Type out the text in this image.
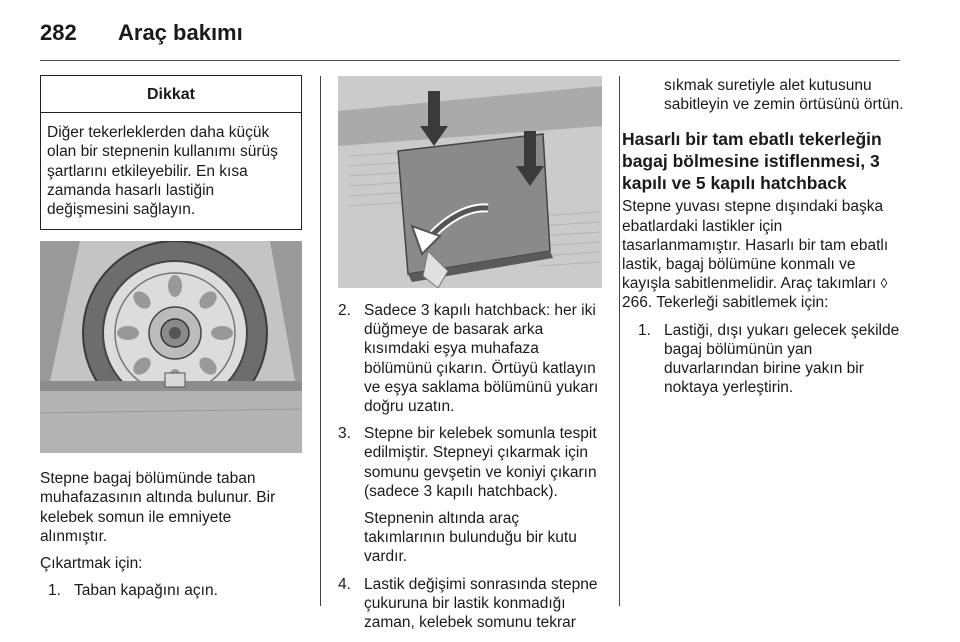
282 Araç bakımı
Dikkat
Diğer tekerleklerden daha küçük olan bir stepnenin kullanımı sürüş şartlarını etkileyebilir. En kısa zamanda hasarlı lastiğin değişmesini sağlayın.

Stepne bagaj bölümünde taban muhafazasının altında bulunur. Bir kelebek somun ile emniyete alınmıştır.

Çıkartmak için:

1. Taban kapağını açın.
2. Sadece 3 kapılı hatchback: her iki düğmeye de basarak arka kısımdaki eşya muhafaza bölümünü çıkarın. Örtüyü katlayın ve eşya saklama bölümünü yukarı doğru uzatın.
3. Stepne bir kelebek somunla tespit edilmiştir. Stepneyi çıkarmak için somunu gevşetin ve koniyi çıkarın (sadece 3 kapılı hatchback).
Stepnenin altında araç takımlarının bulunduğu bir kutu vardır.
4. Lastik değişimi sonrasında stepne çukuruna bir lastik konmadığı zaman, kelebek somunu tekrar

sıkmak suretiyle alet kutusunu sabitleyin ve zemin örtüsünü örtün.

Hasarlı bir tam ebatlı tekerleğin bagaj bölmesine istiflenmesi, 3 kapılı ve 5 kapılı hatchback

Stepne yuvası stepne dışındaki başka ebatlardaki lastikler için tasarlanmamıştır. Hasarlı bir tam ebatlı lastik, bagaj bölümüne konmalı ve kayışla sabitlenmelidir. Araç takımları ◊ 266. Tekerleği sabitlemek için:

1. Lastiği, dışı yukarı gelecek şekilde bagaj bölümünün yan duvarlarından birine yakın bir noktaya yerleştirin.
